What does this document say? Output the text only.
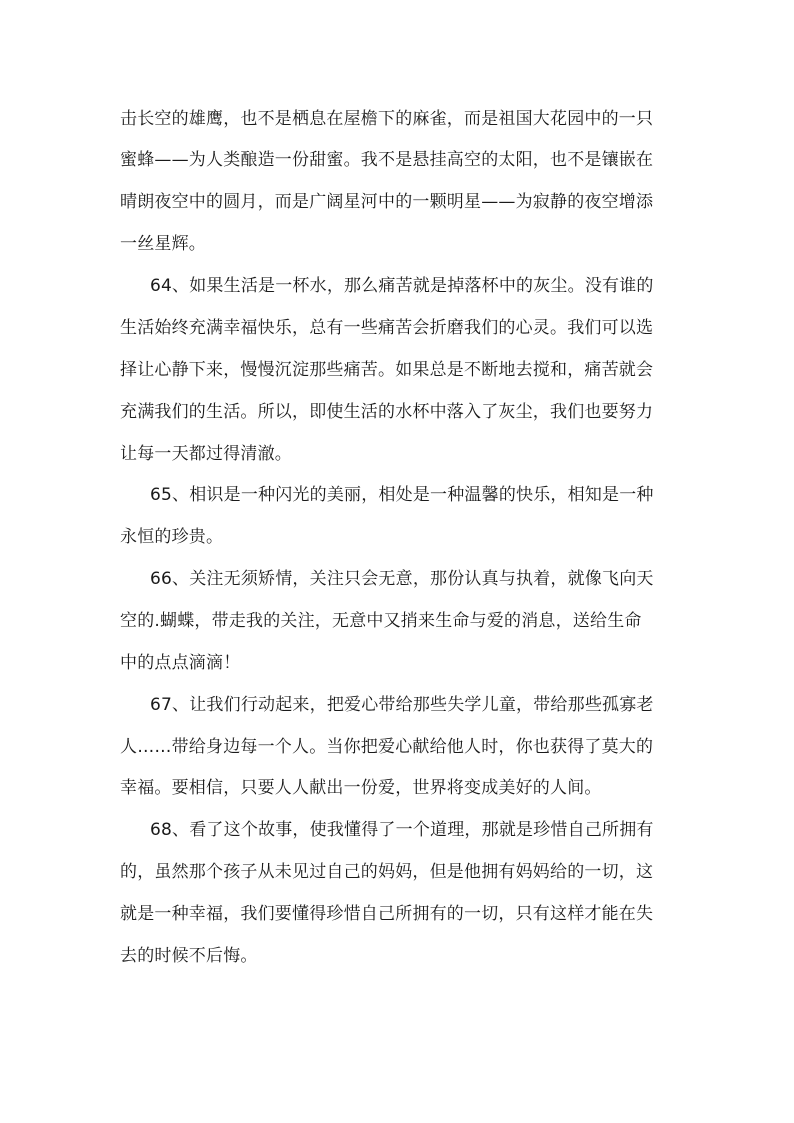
击长空的雄鹰，也不是栖息在屋檐下的麻雀，而是祖国大花园中的一只
蜜蜂——为人类酿造一份甜蜜。我不是悬挂高空的太阳，也不是镶嵌在
晴朗夜空中的圆月，而是广阔星河中的一颗明星——为寂静的夜空增添
一丝星辉。
64、如果生活是一杯水，那么痛苦就是掉落杯中的灰尘。没有谁的
生活始终充满幸福快乐，总有一些痛苦会折磨我们的心灵。我们可以选
择让心静下来，慢慢沉淀那些痛苦。如果总是不断地去搅和，痛苦就会
充满我们的生活。所以，即使生活的水杯中落入了灰尘，我们也要努力
让每一天都过得清澈。
65、相识是一种闪光的美丽，相处是一种温馨的快乐，相知是一种
永恒的珍贵。
66、关注无须矫情，关注只会无意，那份认真与执着，就像飞向天
空的.蝴蝶，带走我的关注，无意中又捎来生命与爱的消息，送给生命
中的点点滴滴！
67、让我们行动起来，把爱心带给那些失学儿童，带给那些孤寡老
人……带给身边每一个人。当你把爱心献给他人时，你也获得了莫大的
幸福。要相信，只要人人献出一份爱，世界将变成美好的人间。
68、看了这个故事，使我懂得了一个道理，那就是珍惜自己所拥有
的，虽然那个孩子从未见过自己的妈妈，但是他拥有妈妈给的一切，这
就是一种幸福，我们要懂得珍惜自己所拥有的一切，只有这样才能在失
去的时候不后悔。
